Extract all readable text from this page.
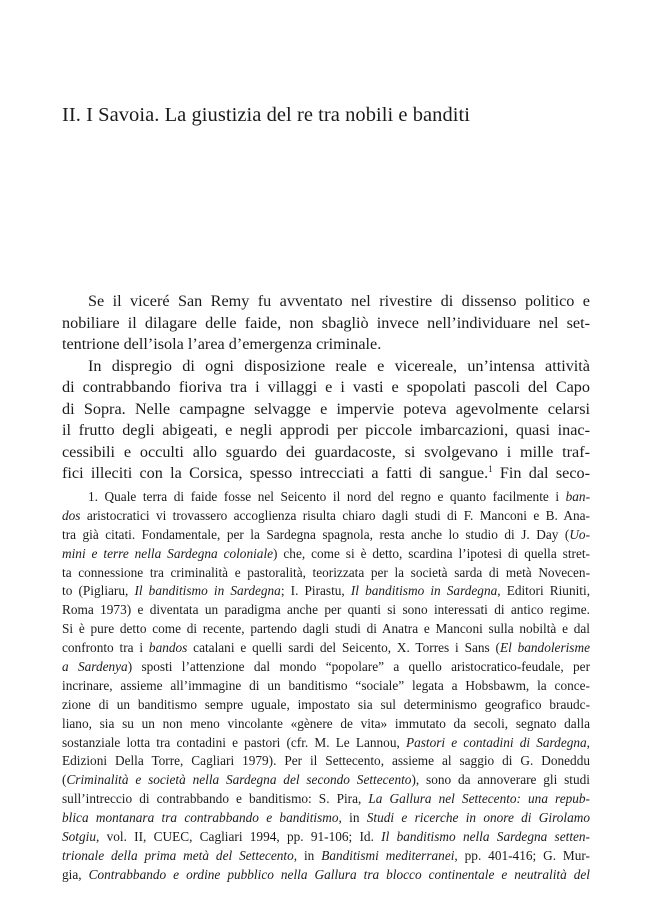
II. I Savoia. La giustizia del re tra nobili e banditi
Se il viceré San Remy fu avventato nel rivestire di dissenso politico e
nobiliare il dilagare delle faide, non sbagliò invece nell’individuare nel set-
tentrione dell’isola l’area d’emergenza criminale.
In dispregio di ogni disposizione reale e vicereale, un’intensa attività
di contrabbando fioriva tra i villaggi e i vasti e spopolati pascoli del Capo
di Sopra. Nelle campagne selvagge e impervie poteva agevolmente celarsi
il frutto degli abigeati, e negli approdi per piccole imbarcazioni, quasi inac-
cessibili e occulti allo sguardo dei guardacoste, si svolgevano i mille traf-
fici illeciti con la Corsica, spesso intrecciati a fatti di sangue.$^1$ Fin dal seco-
1. Quale terra di faide fosse nel Seicento il nord del regno e quanto facilmente i ban-
dos aristocratici vi trovassero accoglienza risulta chiaro dagli studi di F. Manconi e B. Ana-
tra già citati. Fondamentale, per la Sardegna spagnola, resta anche lo studio di J. Day (Uo-
mini e terre nella Sardegna coloniale) che, come si è detto, scardina l’ipotesi di quella stret-
ta connessione tra criminalità e pastoralità, teorizzata per la società sarda di metà Novecen-
to (Pigliaru, Il banditismo in Sardegna; I. Pirastu, Il banditismo in Sardegna, Editori Riuniti,
Roma 1973) e diventata un paradigma anche per quanti si sono interessati di antico regime.
Si è pure detto come di recente, partendo dagli studi di Anatra e Manconi sulla nobiltà e dal
confronto tra i bandos catalani e quelli sardi del Seicento, X. Torres i Sans (El bandolerisme
a Sardenya) sposti l’attenzione dal mondo “popolare” a quello aristocratico-feudale, per
incrinare, assieme all’immagine di un banditismo “sociale” legata a Hobsbawm, la conce-
zione di un banditismo sempre uguale, impostato sia sul determinismo geografico braudc-
liano, sia su un non meno vincolante «gènere de vita» immutato da secoli, segnato dalla
sostanziale lotta tra contadini e pastori (cfr. M. Le Lannou, Pastori e contadini di Sardegna,
Edizioni Della Torre, Cagliari 1979). Per il Settecento, assieme al saggio di G. Doneddu
(Criminalità e società nella Sardegna del secondo Settecento), sono da annoverare gli studi
sull’intreccio di contrabbando e banditismo: S. Pira, La Gallura nel Settecento: una repub-
blica montanara tra contrabbando e banditismo, in Studi e ricerche in onore di Girolamo
Sotgiu, vol. II, CUEC, Cagliari 1994, pp. 91-106; Id. Il banditismo nella Sardegna setten-
trionale della prima metà del Settecento, in Banditismi mediterranei, pp. 401-416; G. Mur-
gia, Contrabbando e ordine pubblico nella Gallura tra blocco continentale e neutralità del
